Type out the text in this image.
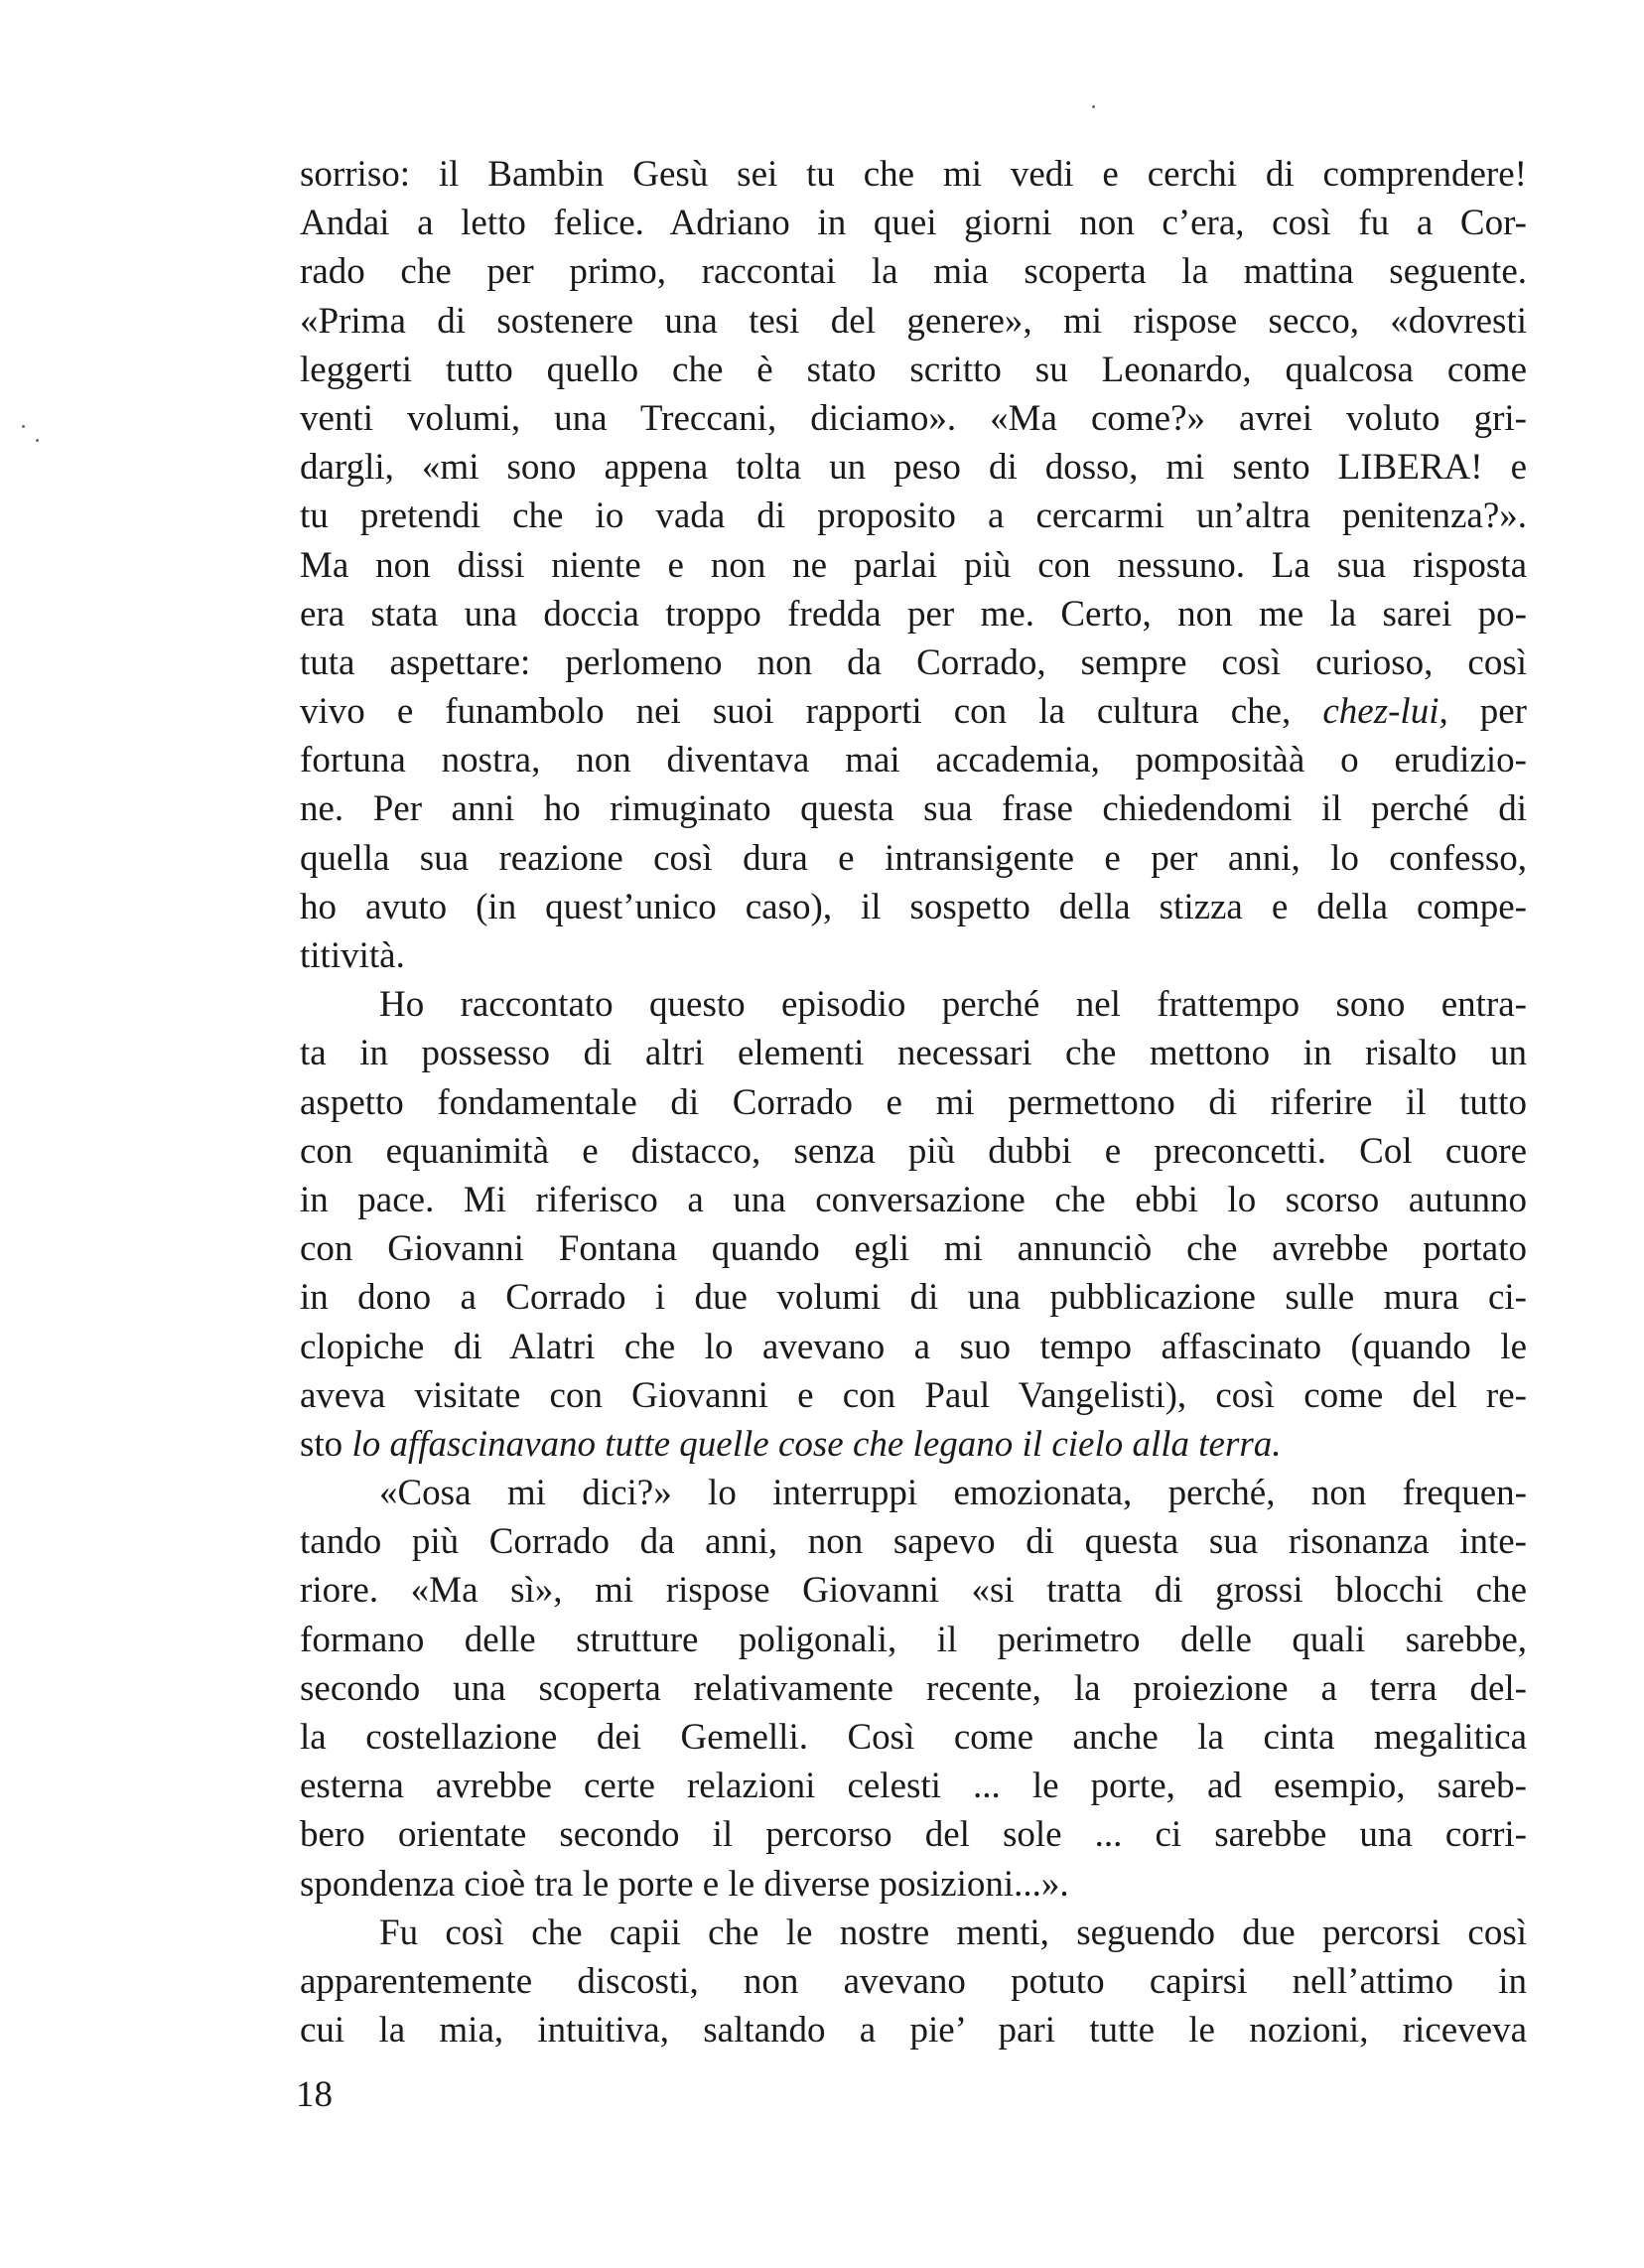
sorriso: il Bambin Gesù sei tu che mi vedi e cerchi di comprendere!
Andai a letto felice. Adriano in quei giorni non c’era, così fu a Cor-
rado che per primo, raccontai la mia scoperta la mattina seguente.
«Prima di sostenere una tesi del genere», mi rispose secco, «dovresti
leggerti tutto quello che è stato scritto su Leonardo, qualcosa come
venti volumi, una Treccani, diciamo». «Ma come?» avrei voluto gri-
dargli, «mi sono appena tolta un peso di dosso, mi sento LIBERA! e
tu pretendi che io vada di proposito a cercarmi un’altra penitenza?».
Ma non dissi niente e non ne parlai più con nessuno. La sua risposta
era stata una doccia troppo fredda per me. Certo, non me la sarei po-
tuta aspettare: perlomeno non da Corrado, sempre così curioso, così
vivo e funambolo nei suoi rapporti con la cultura che, chez-lui, per
fortuna nostra, non diventava mai accademia, pompositàà o erudizio-
ne. Per anni ho rimuginato questa sua frase chiedendomi il perché di
quella sua reazione così dura e intransigente e per anni, lo confesso,
ho avuto (in quest’unico caso), il sospetto della stizza e della compe-
titività.
Ho raccontato questo episodio perché nel frattempo sono entra-
ta in possesso di altri elementi necessari che mettono in risalto un
aspetto fondamentale di Corrado e mi permettono di riferire il tutto
con equanimità e distacco, senza più dubbi e preconcetti. Col cuore
in pace. Mi riferisco a una conversazione che ebbi lo scorso autunno
con Giovanni Fontana quando egli mi annunciò che avrebbe portato
in dono a Corrado i due volumi di una pubblicazione sulle mura ci-
clopiche di Alatri che lo avevano a suo tempo affascinato (quando le
aveva visitate con Giovanni e con Paul Vangelisti), così come del re-
sto lo affascinavano tutte quelle cose che legano il cielo alla terra.
«Cosa mi dici?» lo interruppi emozionata, perché, non frequen-
tando più Corrado da anni, non sapevo di questa sua risonanza inte-
riore. «Ma sì», mi rispose Giovanni «si tratta di grossi blocchi che
formano delle strutture poligonali, il perimetro delle quali sarebbe,
secondo una scoperta relativamente recente, la proiezione a terra del-
la costellazione dei Gemelli. Così come anche la cinta megalitica
esterna avrebbe certe relazioni celesti ... le porte, ad esempio, sareb-
bero orientate secondo il percorso del sole ... ci sarebbe una corri-
spondenza cioè tra le porte e le diverse posizioni...».
Fu così che capii che le nostre menti, seguendo due percorsi così
apparentemente discosti, non avevano potuto capirsi nell’attimo in
cui la mia, intuitiva, saltando a pie’ pari tutte le nozioni, riceveva
18
